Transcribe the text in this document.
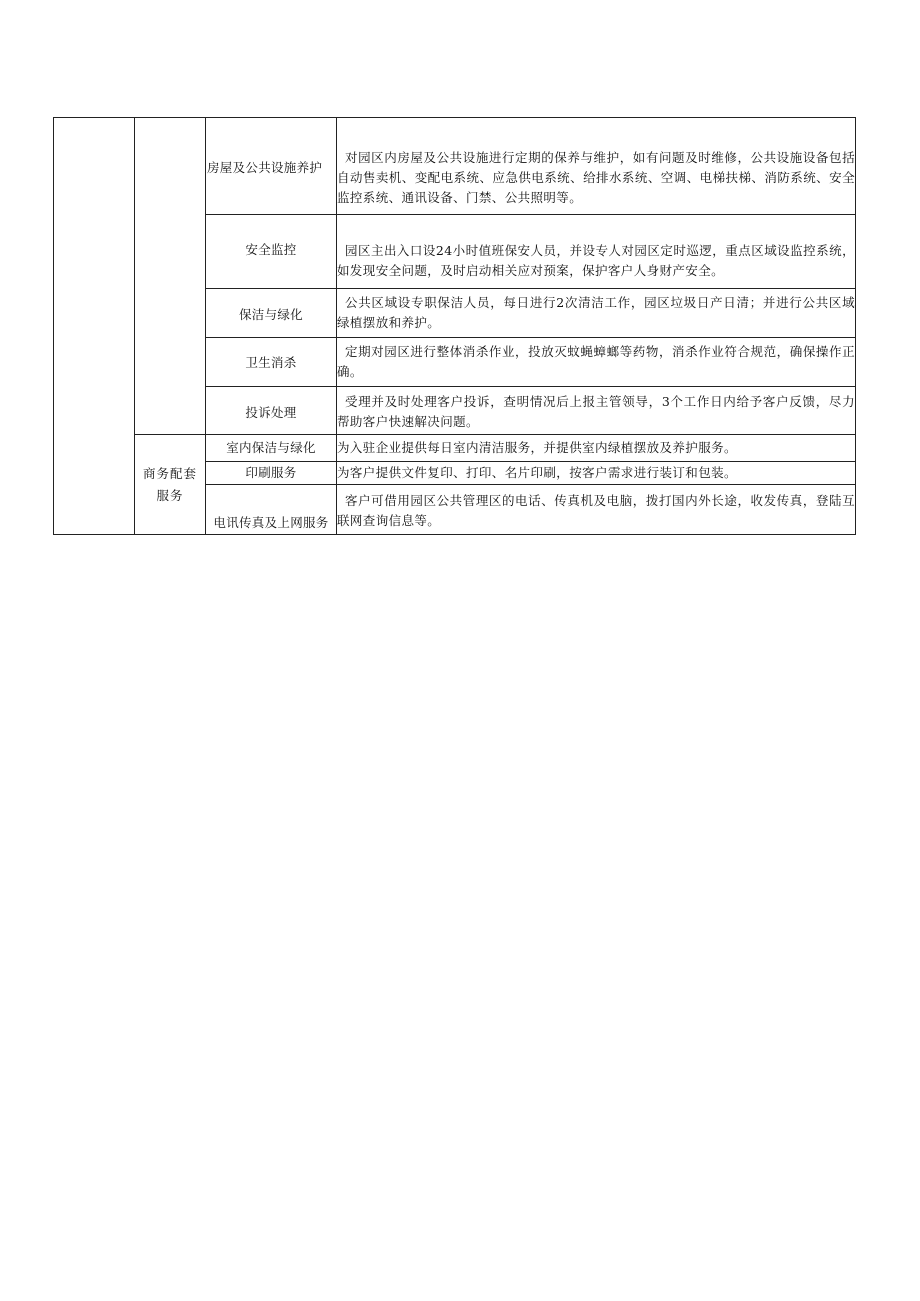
		房屋及公共设施养护	对园区内房屋及公共设施进行定期的保养与维护，如有问题及时维修，公共设施设备包括自动售卖机、变配电系统、应急供电系统、给排水系统、空调、电梯扶梯、消防系统、安全监控系统、通讯设备、门禁、公共照明等。

		安全监控	园区主出入口设24小时值班保安人员，并设专人对园区定时巡逻，重点区域设监控系统，如发现安全问题，及时启动相关应对预案，保护客户人身财产安全。

		保洁与绿化	公共区域设专职保洁人员，每日进行2次清洁工作，园区垃圾日产日清；并进行公共区域绿植摆放和养护。

		卫生消杀	定期对园区进行整体消杀作业，投放灭蚊蝇蟑螂等药物，消杀作业符合规范，确保操作正确。

		投诉处理	受理并及时处理客户投诉，查明情况后上报主管领导，3个工作日内给予客户反馈，尽力帮助客户快速解决问题。

	商务配套服务	室内保洁与绿化	为入驻企业提供每日室内清洁服务，并提供室内绿植摆放及养护服务。

		印刷服务	为客户提供文件复印、打印、名片印刷，按客户需求进行装订和包装。

		电讯传真及上网服务	客户可借用园区公共管理区的电话、传真机及电脑，拨打国内外长途，收发传真，登陆互联网查询信息等。
